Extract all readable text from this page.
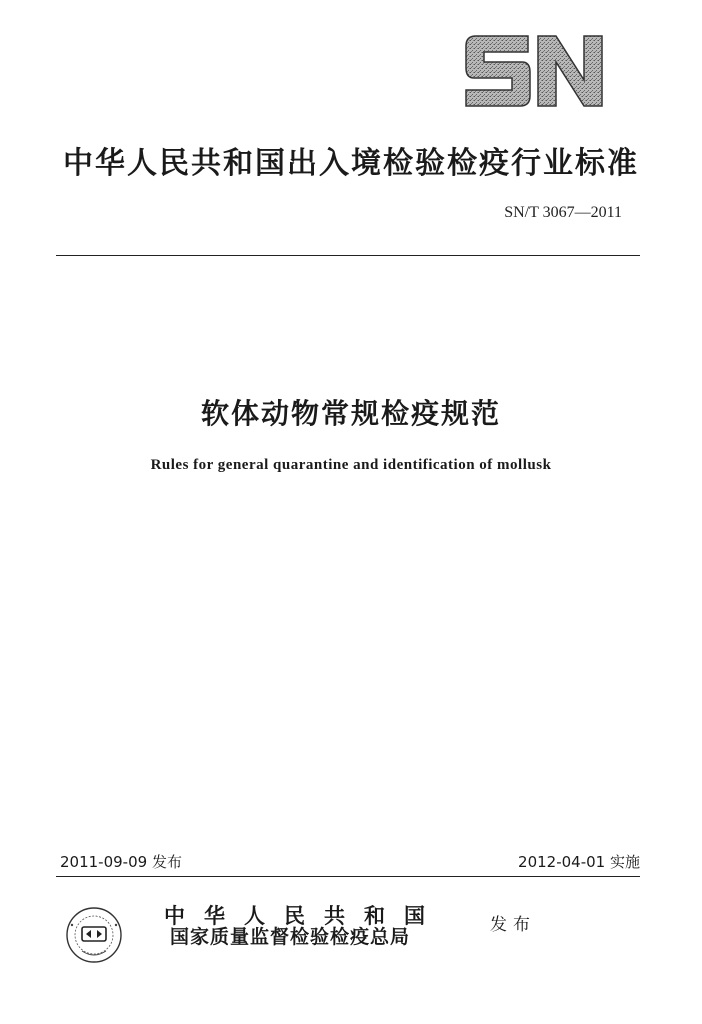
中华人民共和国出入境检验检疫行业标准
SN/T 3067—2011
软体动物常规检疫规范
Rules for general quarantine and identification of mollusk
2011-09-09 发布	2012-04-01 实施
中华人民共和国
国家质量监督检验检疫总局
发布
